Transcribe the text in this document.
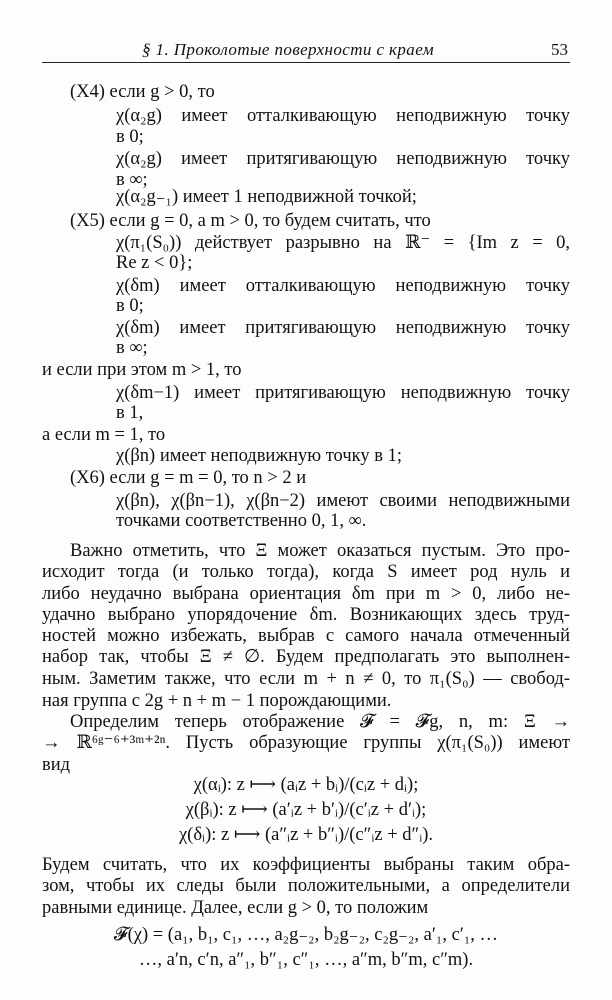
§ 1. Проколотые поверхности с краем	53
(X4) если g > 0, то
χ(α₂g) имеет отталкивающую неподвижную точку
в 0;
χ(α₂g) имеет притягивающую неподвижную точку
в ∞;
χ(α₂g₋₁) имеет 1 неподвижной точкой;
(X5) если g = 0, а m > 0, то будем считать, что
χ(π₁(S₀)) действует разрывно на ℝ⁻ = {Im z = 0,
Re z < 0};
χ(δm) имеет отталкивающую неподвижную точку
в 0;
χ(δm) имеет притягивающую неподвижную точку
в ∞;
и если при этом m > 1, то
χ(δm−1) имеет притягивающую неподвижную точку
в 1,
а если m = 1, то
χ(βn) имеет неподвижную точку в 1;
(X6) если g = m = 0, то n > 2 и
χ(βn), χ(βn−1), χ(βn−2) имеют своими неподвижными
точками соответственно 0, 1, ∞.
Важно отметить, что Ξ может оказаться пустым. Это про-
исходит тогда (и только тогда), когда S имеет род нуль и
либо неудачно выбрана ориентация δm при m > 0, либо не-
удачно выбрано упорядочение δm. Возникающих здесь труд-
ностей можно избежать, выбрав с самого начала отмеченный
набор так, чтобы Ξ ≠ ∅. Будем предполагать это выполнен-
ным. Заметим также, что если m + n ≠ 0, то π₁(S₀) — свобод-
ная группа с 2g + n + m − 1 порождающими.
Определим теперь отображение 𝓕 = 𝓕g, n, m: Ξ →
→ ℝ⁶ᵍ⁻⁶⁺³ᵐ⁺²ⁿ. Пусть образующие группы χ(π₁(S₀)) имеют
вид
χ(αᵢ): z ⟼ (aᵢz + bᵢ)/(cᵢz + dᵢ);
χ(βᵢ): z ⟼ (a′ᵢz + b′ᵢ)/(c′ᵢz + d′ᵢ);
χ(δᵢ): z ⟼ (a″ᵢz + b″ᵢ)/(c″ᵢz + d″ᵢ).
Будем считать, что их коэффициенты выбраны таким обра-
зом, чтобы их следы были положительными, а определители
равными единице. Далее, если g > 0, то положим
𝓕(χ) = (a₁, b₁, c₁, …, a₂g₋₂, b₂g₋₂, c₂g₋₂, a′₁, c′₁, …
…, a′n, c′n, a″₁, b″₁, c″₁, …, a″m, b″m, c″m).
